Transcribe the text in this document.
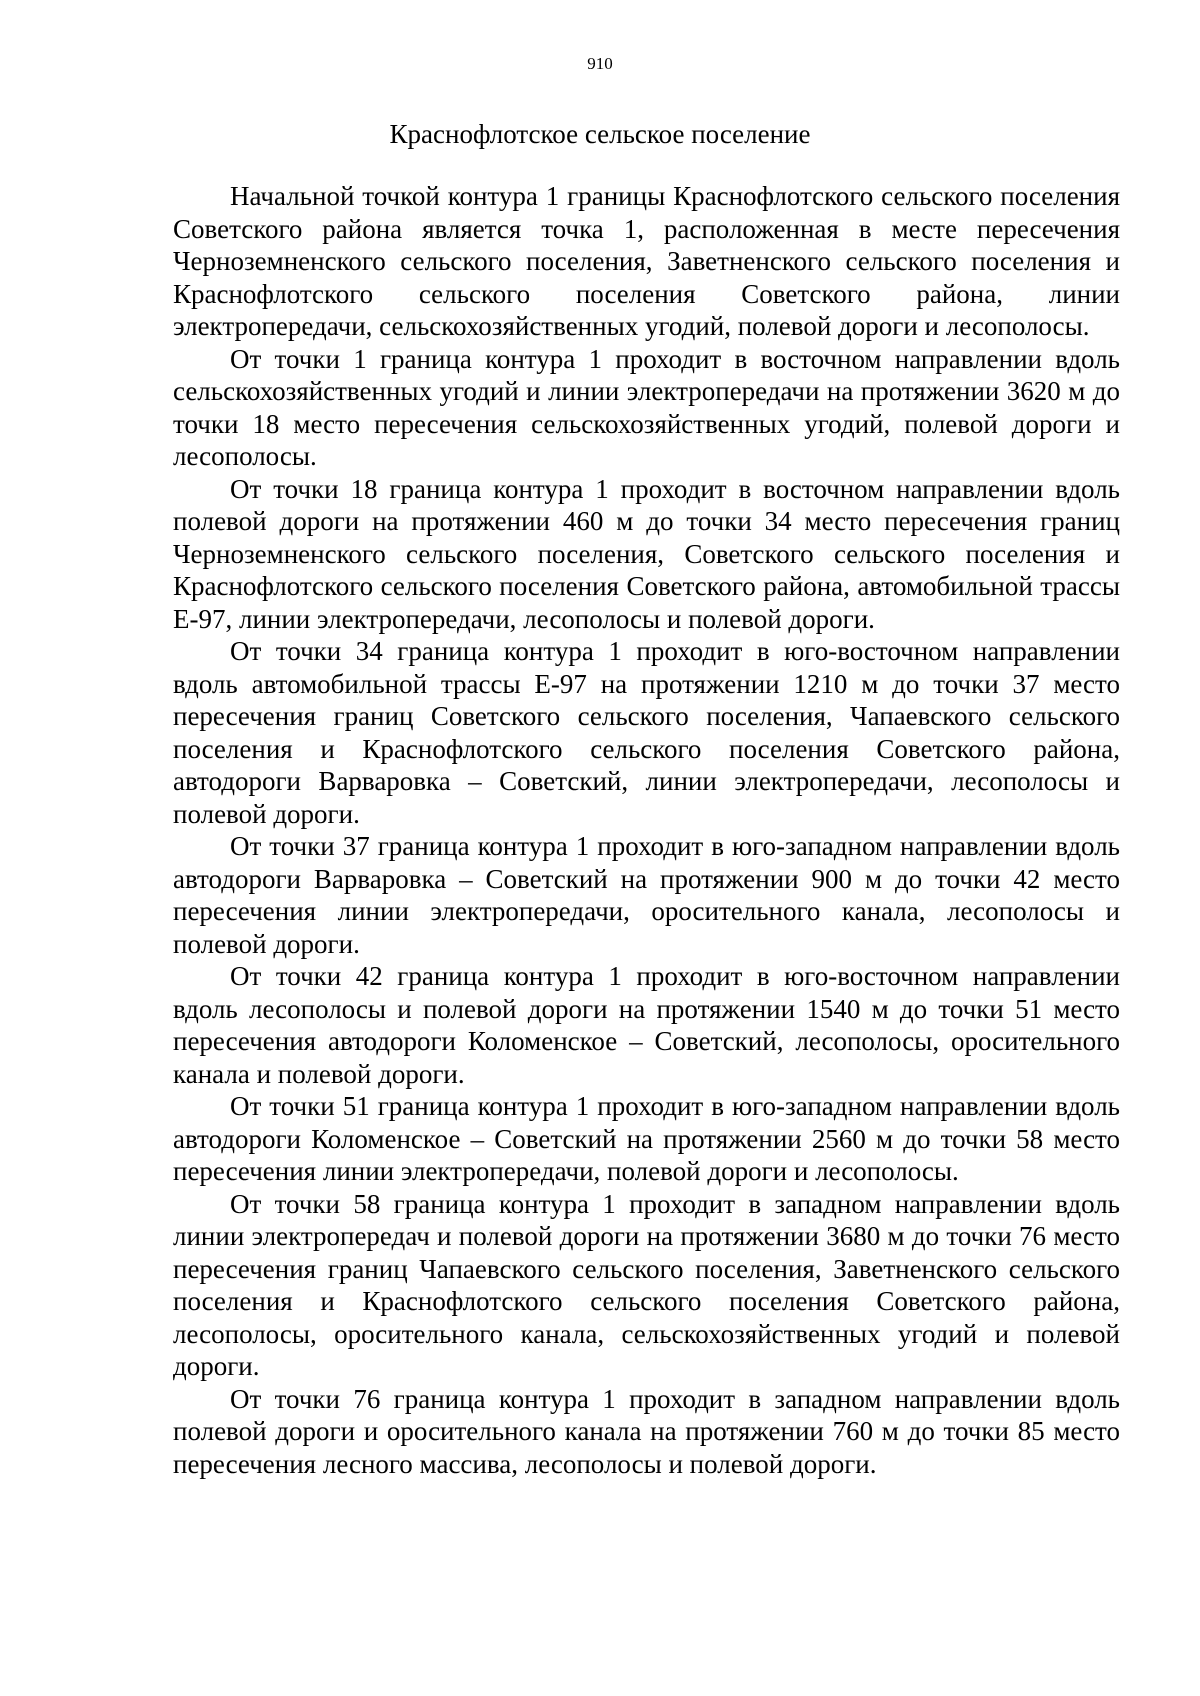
910
Краснофлотское сельское поселение

Начальной точкой контура 1 границы Краснофлотского сельского поселения Советского района является точка 1, расположенная в месте пересечения Черноземненского сельского поселения, Заветненского сельского поселения и Краснофлотского сельского поселения Советского района, линии электропередачи, сельскохозяйственных угодий, полевой дороги и лесополосы.

От точки 1 граница контура 1 проходит в восточном направлении вдоль сельскохозяйственных угодий и линии электропередачи на протяжении 3620 м до точки 18 место пересечения сельскохозяйственных угодий, полевой дороги и лесополосы.

От точки 18 граница контура 1 проходит в восточном направлении вдоль полевой дороги на протяжении 460 м до точки 34 место пересечения границ Черноземненского сельского поселения, Советского сельского поселения и Краснофлотского сельского поселения Советского района, автомобильной трассы Е-97, линии электропередачи, лесополосы и полевой дороги.

От точки 34 граница контура 1 проходит в юго-восточном направлении вдоль автомобильной трассы Е-97 на протяжении 1210 м до точки 37 место пересечения границ Советского сельского поселения, Чапаевского сельского поселения и Краснофлотского сельского поселения Советского района, автодороги Варваровка – Советский, линии электропередачи, лесополосы и полевой дороги.

От точки 37 граница контура 1 проходит в юго-западном направлении вдоль автодороги Варваровка – Советский на протяжении 900 м до точки 42 место пересечения линии электропередачи, оросительного канала, лесополосы и полевой дороги.

От точки 42 граница контура 1 проходит в юго-восточном направлении вдоль лесополосы и полевой дороги на протяжении 1540 м до точки 51 место пересечения автодороги Коломенское – Советский, лесополосы, оросительного канала и полевой дороги.

От точки 51 граница контура 1 проходит в юго-западном направлении вдоль автодороги Коломенское – Советский на протяжении 2560 м до точки 58 место пересечения линии электропередачи, полевой дороги и лесополосы.

От точки 58 граница контура 1 проходит в западном направлении вдоль линии электропередач и полевой дороги на протяжении 3680 м до точки 76 место пересечения границ Чапаевского сельского поселения, Заветненского сельского поселения и Краснофлотского сельского поселения Советского района, лесополосы, оросительного канала, сельскохозяйственных угодий и полевой дороги.

От точки 76 граница контура 1 проходит в западном направлении вдоль полевой дороги и оросительного канала на протяжении 760 м до точки 85 место пересечения лесного массива, лесополосы и полевой дороги.
